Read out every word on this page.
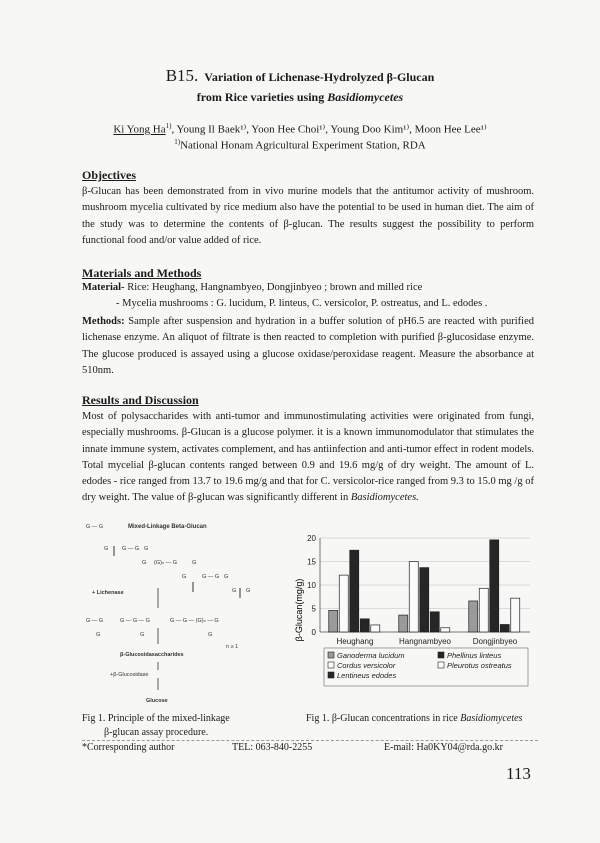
B15. Variation of Lichenase-Hydrolyzed β-Glucan
from Rice varieties using Basidiomycetes
Ki Yong Ha$^{1)}$, Young Il Baek¹⁾, Yoon Hee Choi¹⁾, Young Doo Kim¹⁾, Moon Hee Lee¹⁾
$^{1)}$National Honam Agricultural Experiment Station, RDA
Objectives
β-Glucan has been demonstrated from in vivo murine models that the antitumor activity of mushroom. mushroom mycelia cultivated by rice medium also have the potential to be used in human diet. The aim of the study was to determine the contents of β-glucan. The results suggest the possibility to perform functional food and/or value added of rice.
Materials and Methods
Material- Rice: Heughang, Hangnambyeo, Dongjinbyeo ; brown and milled rice
- Mycelia mushrooms : G. lucidum, P. linteus, C. versicolor, P. ostreatus, and L. edodes .
Methods: Sample after suspension and hydration in a buffer solution of pH6.5 are reacted with purified lichenase enzyme. An aliquot of filtrate is then reacted to completion with purified β-glucosidase enzyme. The glucose produced is assayed using a glucose oxidase/peroxidase reagent. Measure the absorbance at 510nm.
Results and Discussion
Most of polysaccharides with anti-tumor and immunostimulating activities were originated from fungi, especially mushrooms. β-Glucan is a glucose polymer. it is a known immunomodulator that stimulates the innate immune system, activates complement, and has antiinfection and anti-tumor effect in rodent models. Total mycelial β-glucan contents ranged between 0.9 and 19.6 mg/g of dry weight. The amount of L. edodes - rice ranged from 13.7 to 19.6 mg/g and that for C. versicolor-rice ranged from 9.3 to 15.0 mg /g of dry weight. The value of β-glucan was significantly different in Basidiomycetes.
G — G	Mixed-Linkage Beta-Glucan
G G — G G
G (G)ₙ — G	G
G	G — G G
G G
+ Lichenase
G — G	G — G — G	G — G — (G)ₙ — G
G	G	G
n ≥ 1
β-Glucosidasaccharides
+β-Glucosidase
Glucose
β-Glucan(mg/g) 0
5
10
15
20
Heughang	Hangnambyeo	Dongjinbyeo
Ganoderma lucidum
Cordus versicolor
Lentineus edodes
Phellinus linteus
Pleurotus ostreatus
Fig 1. Principle of the mixed-linkage
β-glucan assay procedure.
Fig 1. β-Glucan concentrations in rice Basidiomycetes
*Corresponding author	TEL: 063-840-2255	E-mail: Ha0KY04@rda.go.kr
113
